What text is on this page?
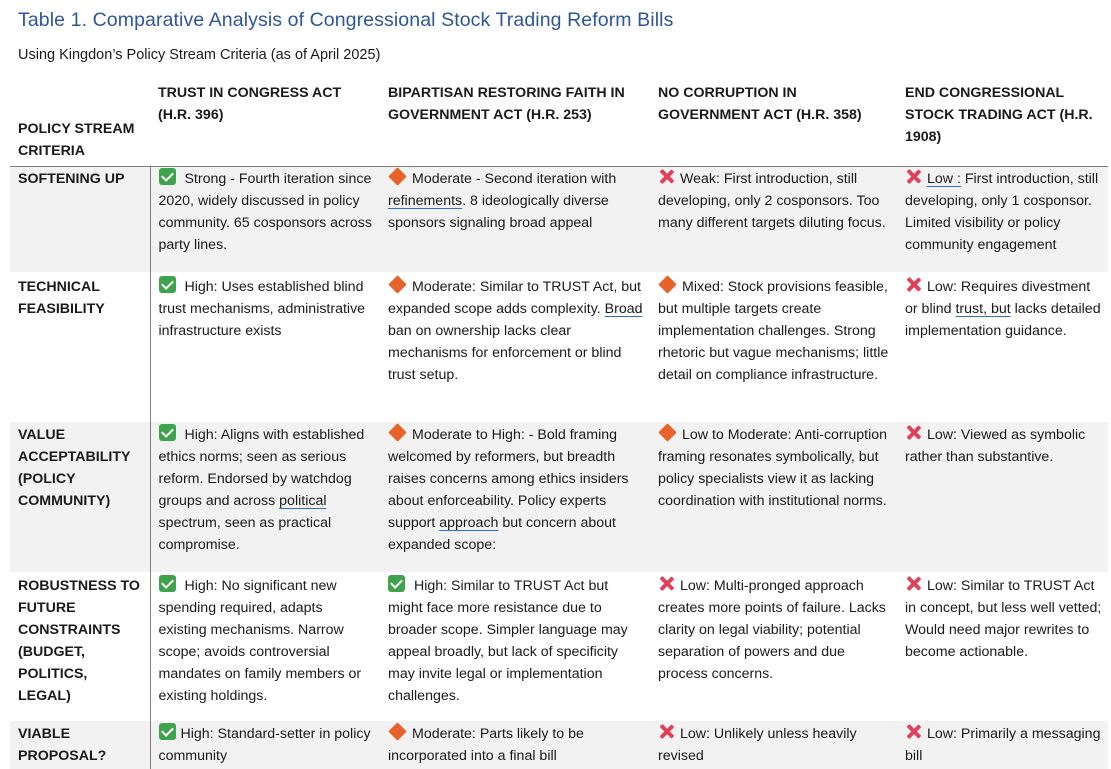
Table 1. Comparative Analysis of Congressional Stock Trading Reform Bills
Using Kingdon’s Policy Stream Criteria (as of April 2025)
POLICY STREAM CRITERIA	TRUST IN CONGRESS ACT (H.R. 396)	BIPARTISAN RESTORING FAITH IN GOVERNMENT ACT (H.R. 253)	NO CORRUPTION IN GOVERNMENT ACT (H.R. 358)	END CONGRESSIONAL STOCK TRADING ACT (H.R. 1908)
SOFTENING UP	Strong - Fourth iteration since 2020, widely discussed in policy community. 65 cosponsors across party lines.	Moderate - Second iteration with refinements. 8 ideologically diverse sponsors signaling broad appeal	Weak: First introduction, still developing, only 2 cosponsors. Too many different targets diluting focus.	Low : First introduction, still developing, only 1 cosponsor. Limited visibility or policy community engagement
TECHNICAL FEASIBILITY	High: Uses established blind trust mechanisms, administrative infrastructure exists	Moderate: Similar to TRUST Act, but expanded scope adds complexity. Broad ban on ownership lacks clear mechanisms for enforcement or blind trust setup.	Mixed: Stock provisions feasible, but multiple targets create implementation challenges. Strong rhetoric but vague mechanisms; little detail on compliance infrastructure.	Low: Requires divestment or blind trust, but lacks detailed implementation guidance.
VALUE ACCEPTABILITY (POLICY COMMUNITY)	High: Aligns with established ethics norms; seen as serious reform. Endorsed by watchdog groups and across political spectrum, seen as practical compromise.	Moderate to High: - Bold framing welcomed by reformers, but breadth raises concerns among ethics insiders about enforceability. Policy experts support approach but concern about expanded scope:	Low to Moderate: Anti-corruption framing resonates symbolically, but policy specialists view it as lacking coordination with institutional norms.	Low: Viewed as symbolic rather than substantive.
ROBUSTNESS TO FUTURE CONSTRAINTS (BUDGET, POLITICS, LEGAL)	High: No significant new spending required, adapts existing mechanisms. Narrow scope; avoids controversial mandates on family members or existing holdings.	High: Similar to TRUST Act but might face more resistance due to broader scope. Simpler language may appeal broadly, but lack of specificity may invite legal or implementation challenges.	Low: Multi-pronged approach creates more points of failure. Lacks clarity on legal viability; potential separation of powers and due process concerns.	Low: Similar to TRUST Act in concept, but less well vetted; Would need major rewrites to become actionable.
VIABLE PROPOSAL?	High: Standard-setter in policy community	Moderate: Parts likely to be incorporated into a final bill	Low: Unlikely unless heavily revised	Low: Primarily a messaging bill
